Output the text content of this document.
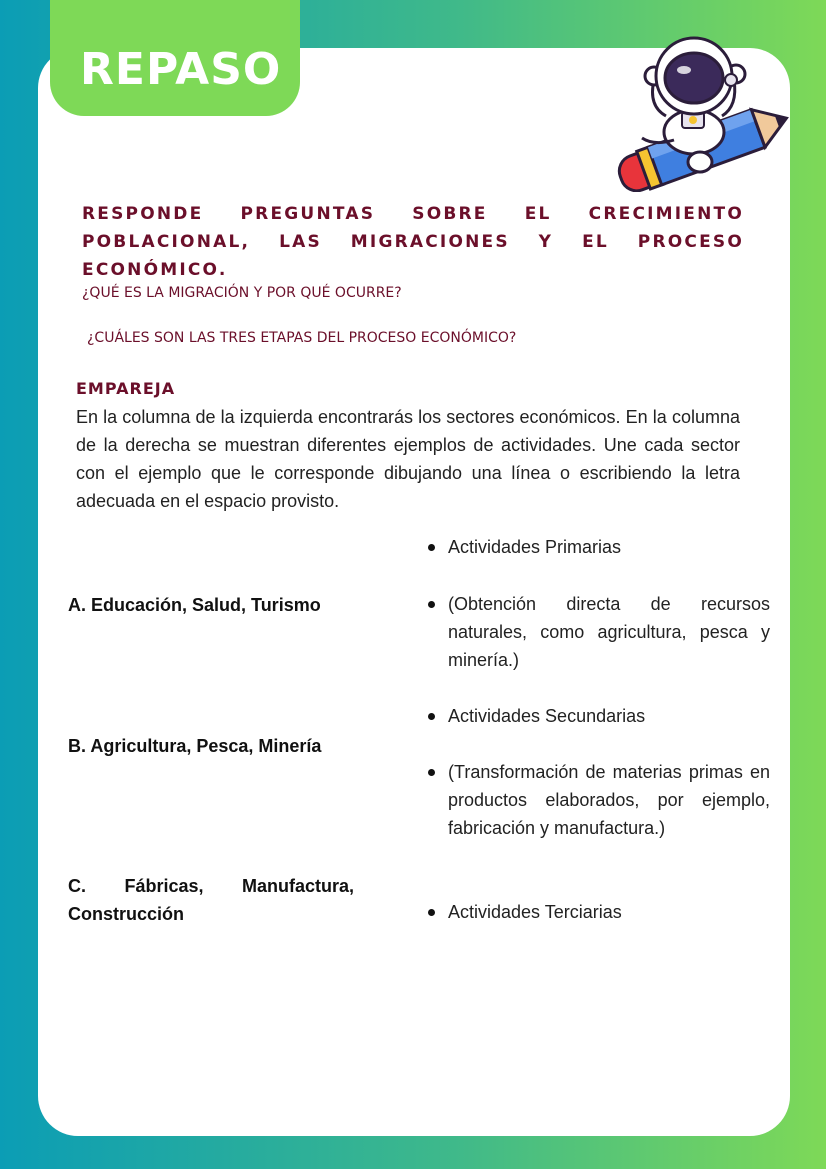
REPASO
RESPONDE PREGUNTAS SOBRE EL CRECIMIENTO POBLACIONAL, LAS MIGRACIONES Y EL PROCESO ECONÓMICO.
¿QUÉ ES LA MIGRACIÓN Y POR QUÉ OCURRE?
¿CUÁLES SON LAS TRES ETAPAS DEL PROCESO ECONÓMICO?
EMPAREJA
En la columna de la izquierda encontrarás los sectores económicos. En la columna de la derecha se muestran diferentes ejemplos de actividades. Une cada sector con el ejemplo que le corresponde dibujando una línea o escribiendo la letra adecuada en el espacio provisto.
A. Educación, Salud, Turismo
B. Agricultura, Pesca, Minería
C. Fábricas, Manufactura, Construcción
Actividades Primarias
(Obtención directa de recursos naturales, como agricultura, pesca y minería.)
Actividades Secundarias
(Transformación de materias primas en productos elaborados, por ejemplo, fabricación y manufactura.)
Actividades Terciarias
